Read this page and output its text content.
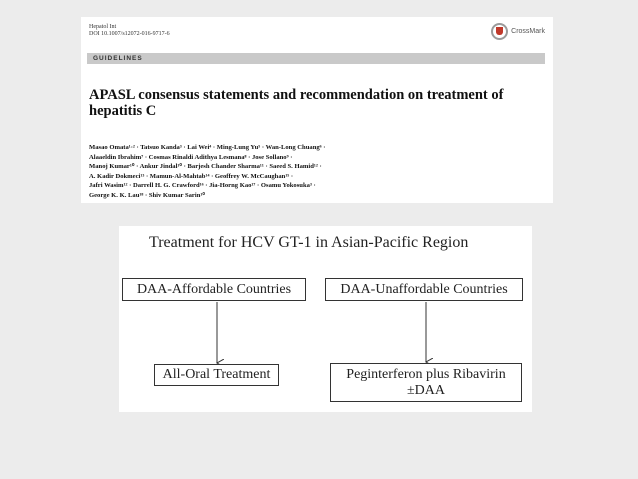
Hepatol Int
DOI 10.1007/s12072-016-9717-6	CrossMark
GUIDELINES
APASL consensus statements and recommendation on treatment of hepatitis C
Masao Omata¹·² · Tatsuo Kanda³ · Lai Wei⁴ · Ming-Lung Yu⁵ · Wan-Long Chuang⁶ ·
Alaaeldin Ibrahim⁷ · Cosmas Rinaldi Adithya Lesmana⁸ · Jose Sollano⁹ ·
Manoj Kumar¹⁰ · Ankur Jindal¹⁰ · Barjesh Chander Sharma¹¹ · Saeed S. Hamid¹² ·
A. Kadir Dokmeci¹³ · Mamun-Al-Mahtab¹⁴ · Geoffrey W. McCaughan¹⁵ ·
Jafri Wasim¹² · Darrell H. G. Crawford¹⁶ · Jia-Horng Kao¹⁷ · Osamu Yokosuka³ ·
George K. K. Lau¹⁸ · Shiv Kumar Sarin¹⁰
Treatment for HCV GT-1 in Asian-Pacific Region
DAA-Affordable Countries	DAA-Unaffordable Countries
All-Oral Treatment	Peginterferon plus Ribavirin
±DAA
